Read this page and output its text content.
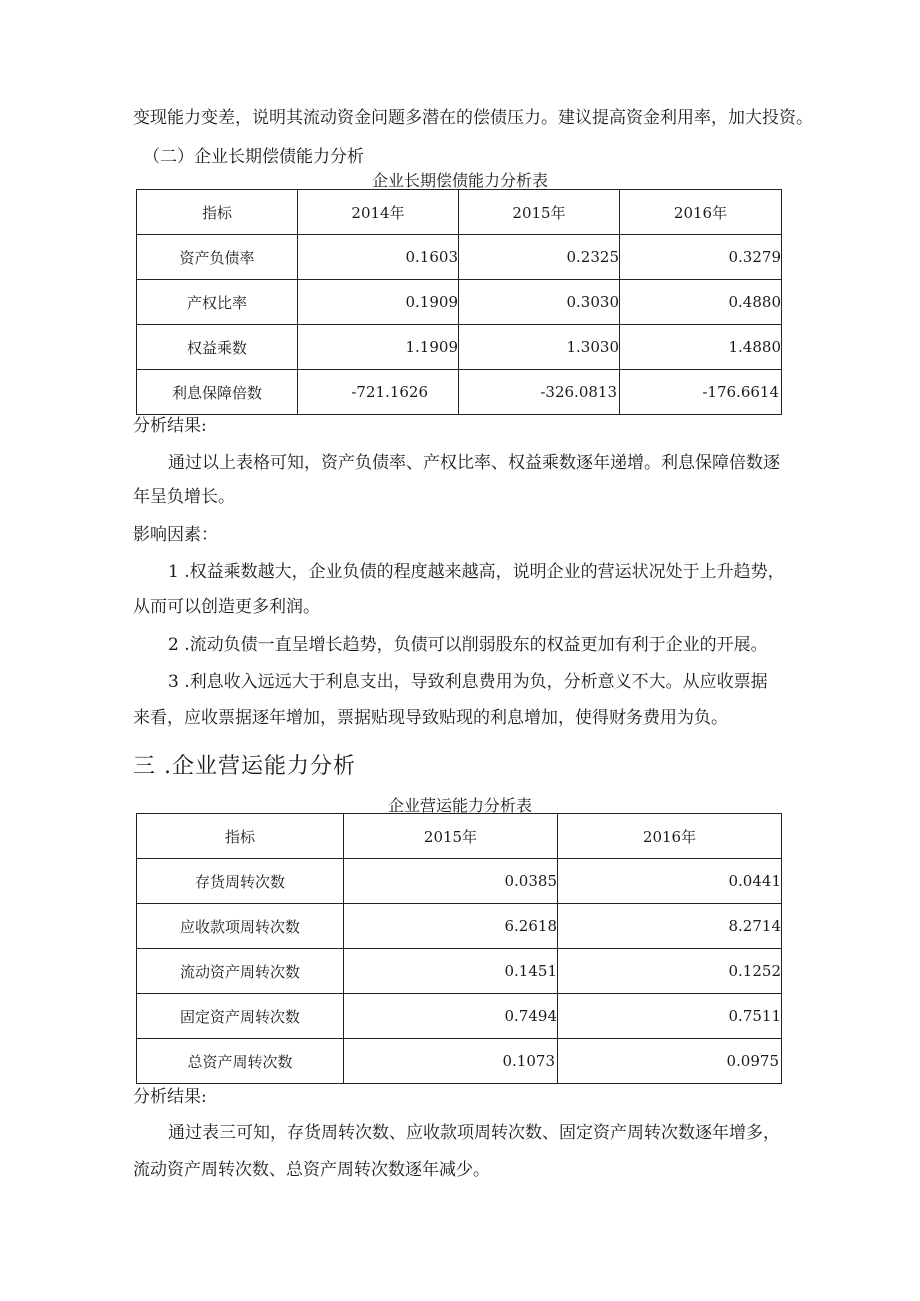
变现能力变差，说明其流动资金问题多潜在的偿债压力。建议提高资金利用率，加大投资。
（二）企业长期偿债能力分析
企业长期偿债能力分析表
指标	2014年	2015年	2016年
资产负债率	0.1603	0.2325	0.3279
产权比率	0.1909	0.3030	0.4880
权益乘数	1.1909	1.3030	1.4880
利息保障倍数	-721.1626	-326.0813	-176.6614
分析结果:
通过以上表格可知，资产负债率、产权比率、权益乘数逐年递增。利息保障倍数逐
年呈负增长。
影响因素：
1 .权益乘数越大，企业负债的程度越来越高，说明企业的营运状况处于上升趋势，
从而可以创造更多利润。
2 .流动负债一直呈增长趋势，负债可以削弱股东的权益更加有利于企业的开展。
3 .利息收入远远大于利息支出，导致利息费用为负，分析意义不大。从应收票据
来看，应收票据逐年增加，票据贴现导致贴现的利息增加，使得财务费用为负。
三 .企业营运能力分析
企业营运能力分析表
指标	2015年	2016年
存货周转次数	0.0385	0.0441
应收款项周转次数	6.2618	8.2714
流动资产周转次数	0.1451	0.1252
固定资产周转次数	0.7494	0.7511
总资产周转次数	0.1073	0.0975
分析结果:
通过表三可知，存货周转次数、应收款项周转次数、固定资产周转次数逐年增多，
流动资产周转次数、总资产周转次数逐年减少。
